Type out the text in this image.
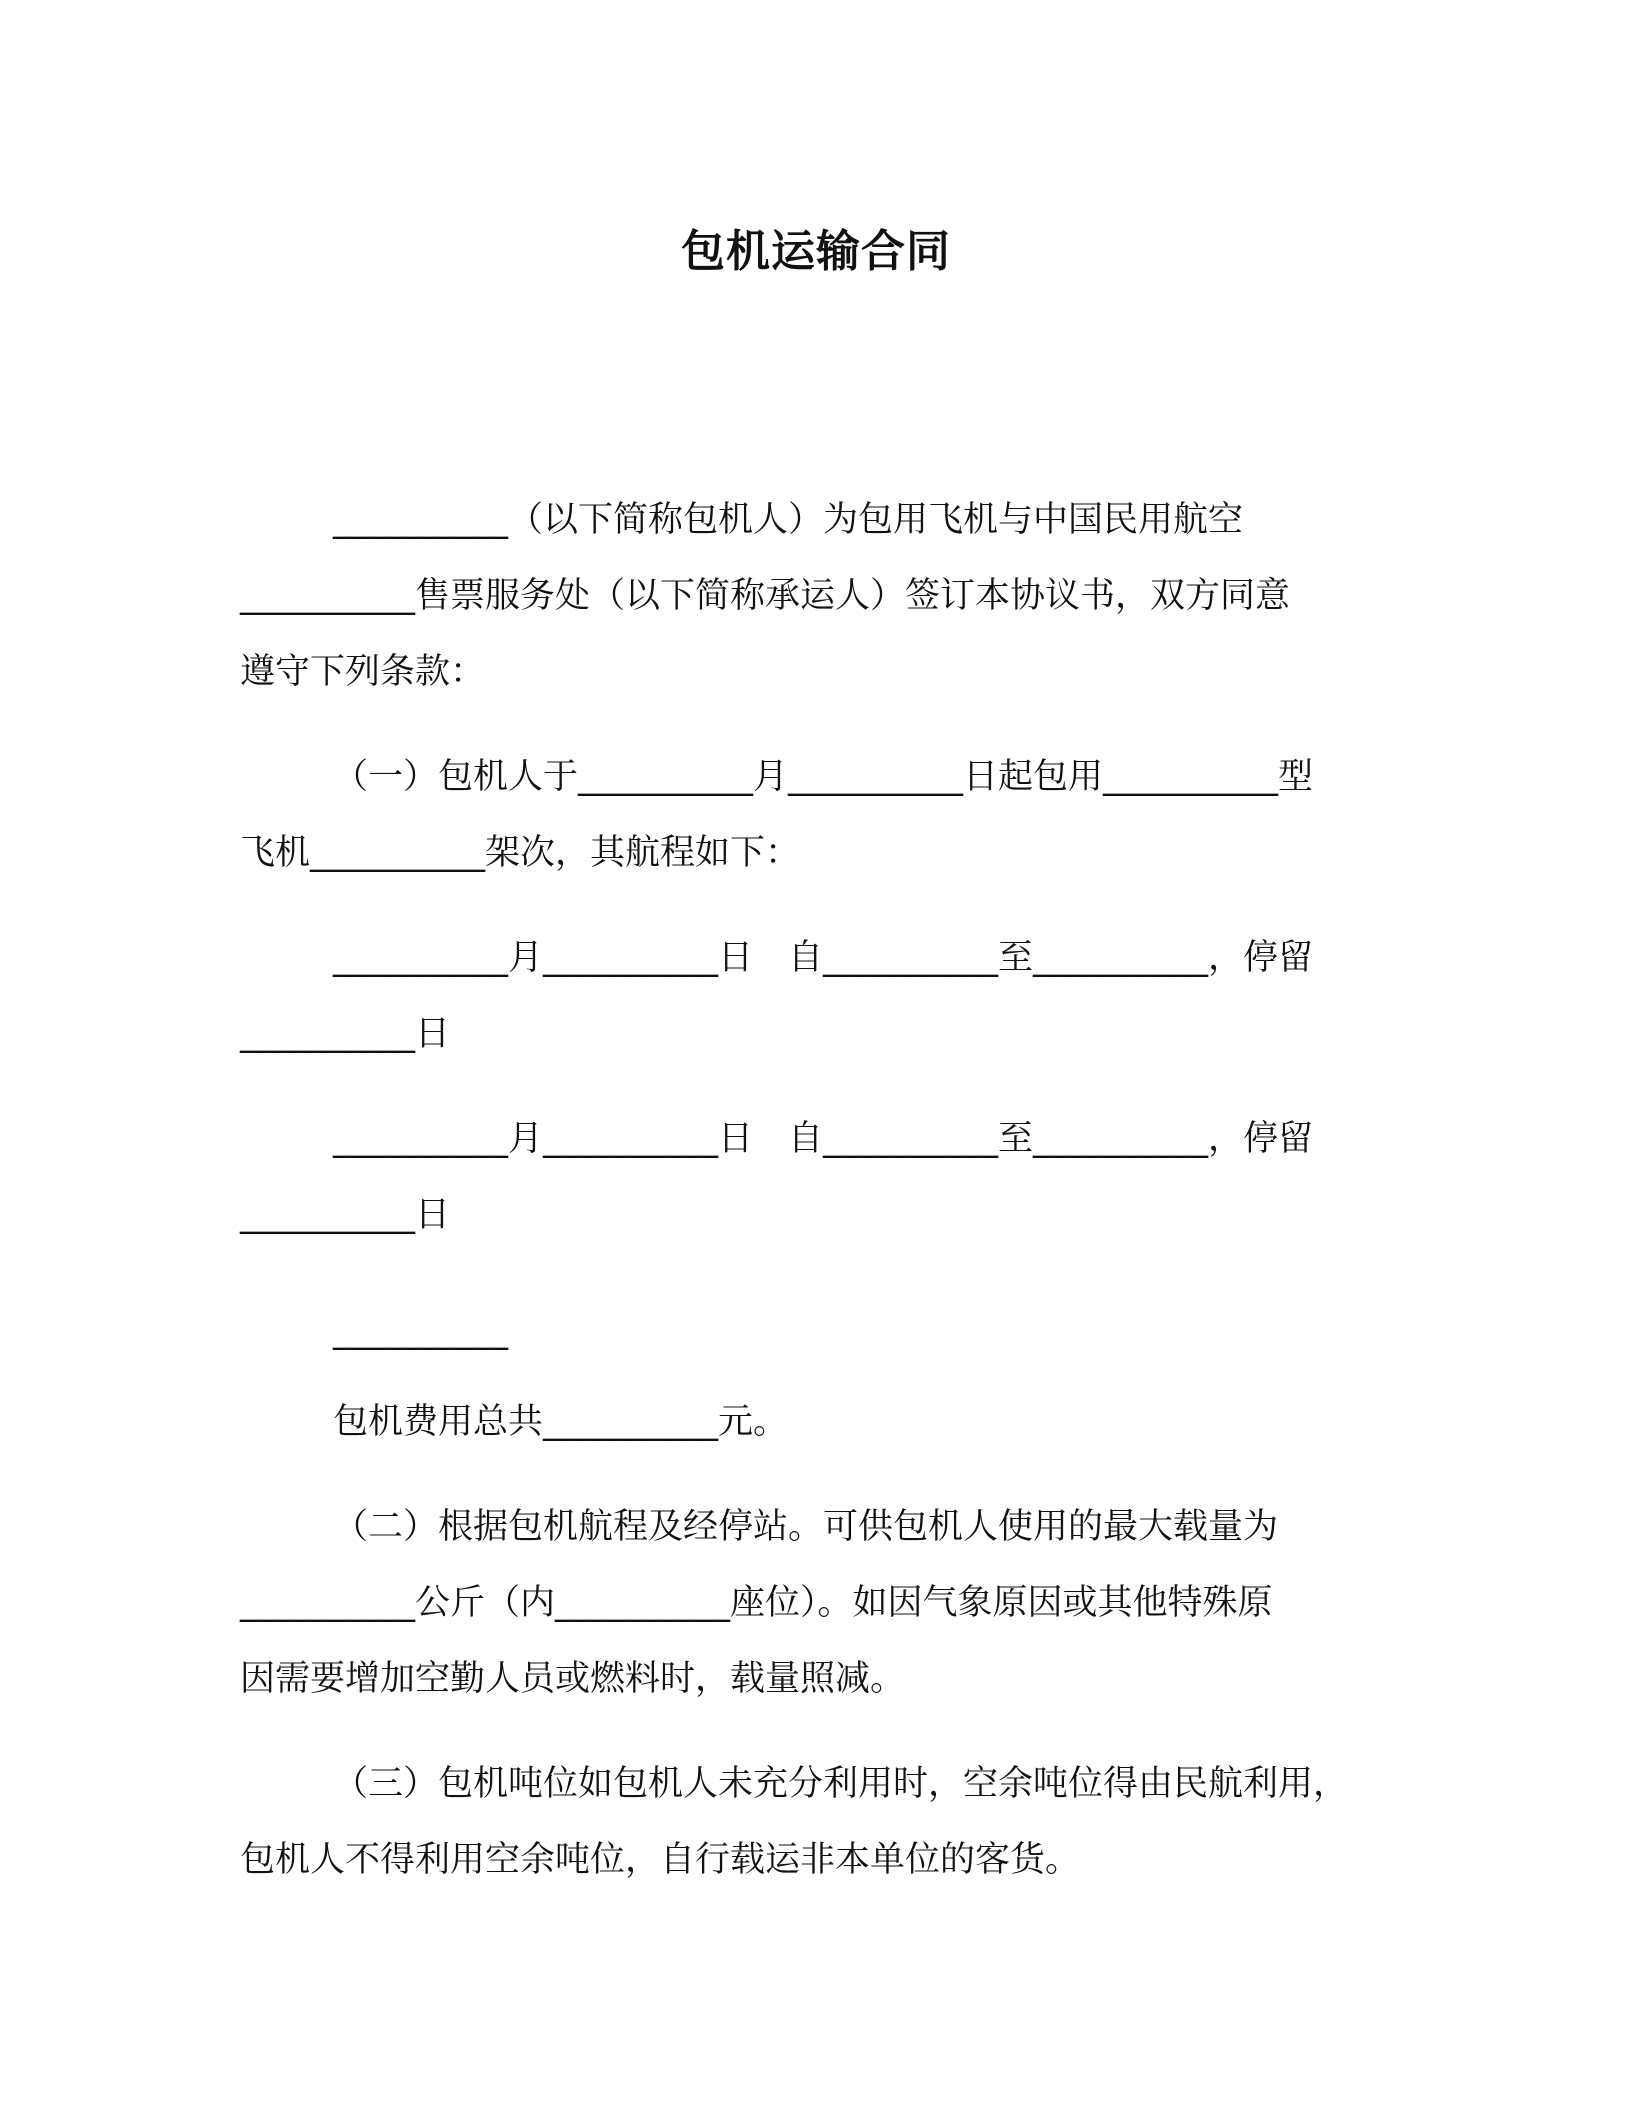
包机运输合同
__________（以下简称包机人）为包用飞机与中国民用航空
__________售票服务处（以下简称承运人）签订本协议书，双方同意
遵守下列条款：
（一）包机人于__________月__________日起包用__________型
飞机__________架次，其航程如下：
__________月__________日　自__________至__________，停留
__________日
__________月__________日　自__________至__________，停留
__________日
__________
包机费用总共__________元。
（二）根据包机航程及经停站。可供包机人使用的最大载量为
__________公斤（内__________座位）。如因气象原因或其他特殊原
因需要增加空勤人员或燃料时，载量照减。
（三）包机吨位如包机人未充分利用时，空余吨位得由民航利用，
包机人不得利用空余吨位，自行载运非本单位的客货。
